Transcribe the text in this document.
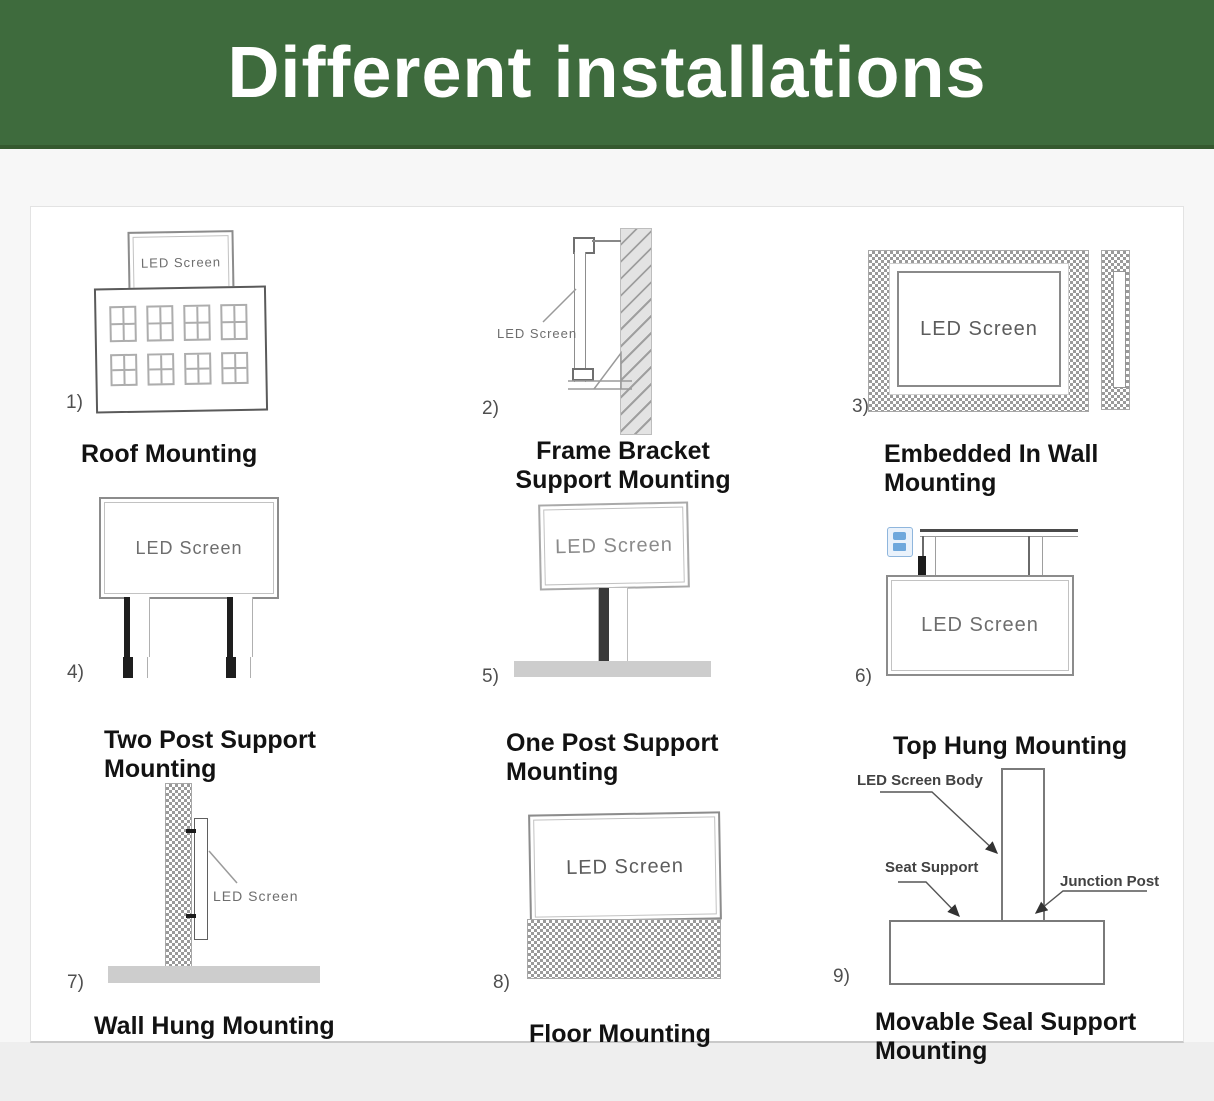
Different installations
LED Screen
1)
Roof Mounting
LED Screen
2)
Frame Bracket Support Mounting
LED Screen
3)
Embedded In Wall Mounting
LED Screen
4)
Two Post Support Mounting
LED Screen
5)
One Post Support Mounting
LED Screen
6)
Top Hung Mounting
LED Screen
7)
Wall Hung Mounting
LED Screen
8)
Floor Mounting
LED Screen Body
Seat Support
Junction Post
9)
Movable Seal Support Mounting
